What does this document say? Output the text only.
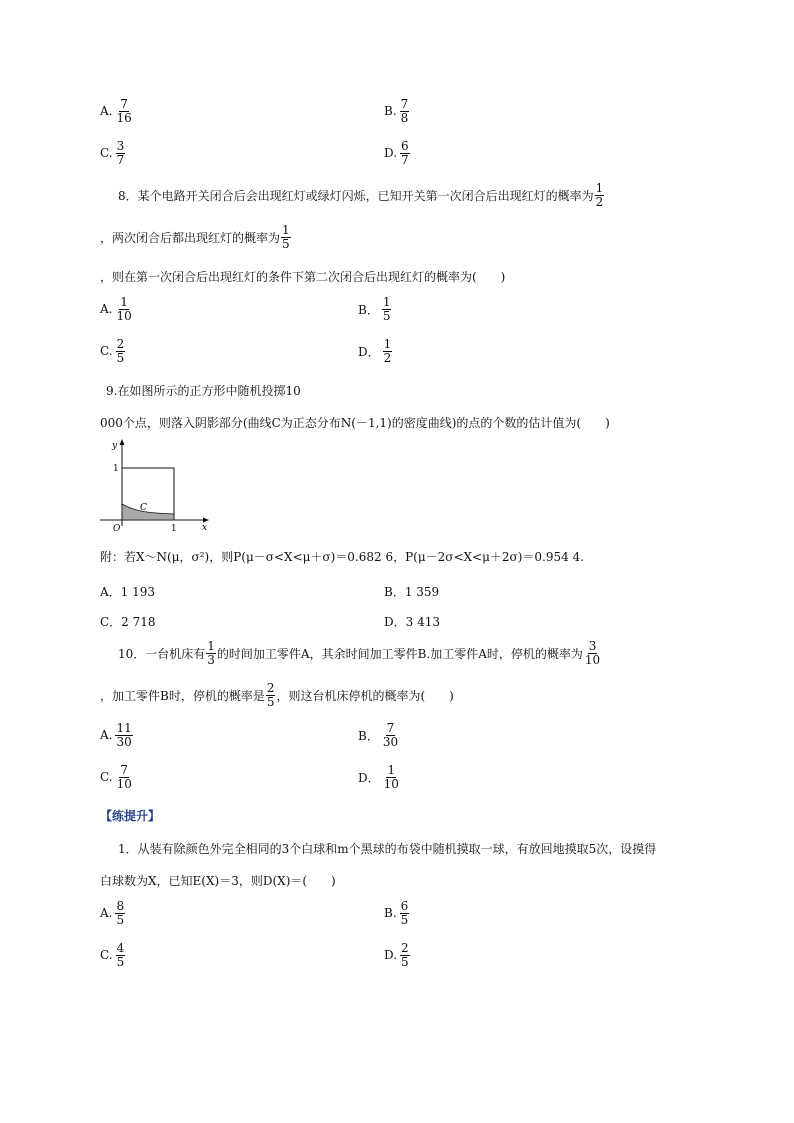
A. $\frac{7}{16}$	B. $\frac{7}{8}$
C. $\frac{3}{7}$	D. $\frac{6}{7}$
8．某个电路开关闭合后会出现红灯或绿灯闪烁，已知开关第一次闭合后出现红灯的概率为 $\frac{1}{2}$
，两次闭合后都出现红灯的概率为 $\frac{1}{5}$
，则在第一次闭合后出现红灯的条件下第二次闭合后出现红灯的概率为(　　)
A. $\frac{1}{10}$	B． $\frac{1}{5}$
C. $\frac{2}{5}$	D． $\frac{1}{2}$
9.在如图所示的正方形中随机投掷10
000个点，则落入阴影部分(曲线C为正态分布N(－1,1)的密度曲线)的点的个数的估计值为(　　)
y
x
O	1
1
C
附：若X～N(μ，σ²)，则P(μ－σ<X<μ＋σ)＝0.682 6，P(μ－2σ<X<μ＋2σ)＝0.954 4.
A．1 193	B．1 359
C．2 718	D．3 413
10．一台机床有 $\frac{1}{3}$ 的时间加工零件A，其余时间加工零件B.加工零件A时，停机的概率为 $\frac{3}{10}$
，加工零件B时，停机的概率是 $\frac{2}{5}$ ，则这台机床停机的概率为(　　)
A. $\frac{11}{30}$	B． $\frac{7}{30}$
C. $\frac{7}{10}$	D． $\frac{1}{10}$
【练提升】
1．从装有除颜色外完全相同的3个白球和m个黑球的布袋中随机摸取一球，有放回地摸取5次，设摸得
白球数为X，已知E(X)＝3，则D(X)＝(　　)
A. $\frac{8}{5}$	B. $\frac{6}{5}$
C. $\frac{4}{5}$	D. $\frac{2}{5}$
